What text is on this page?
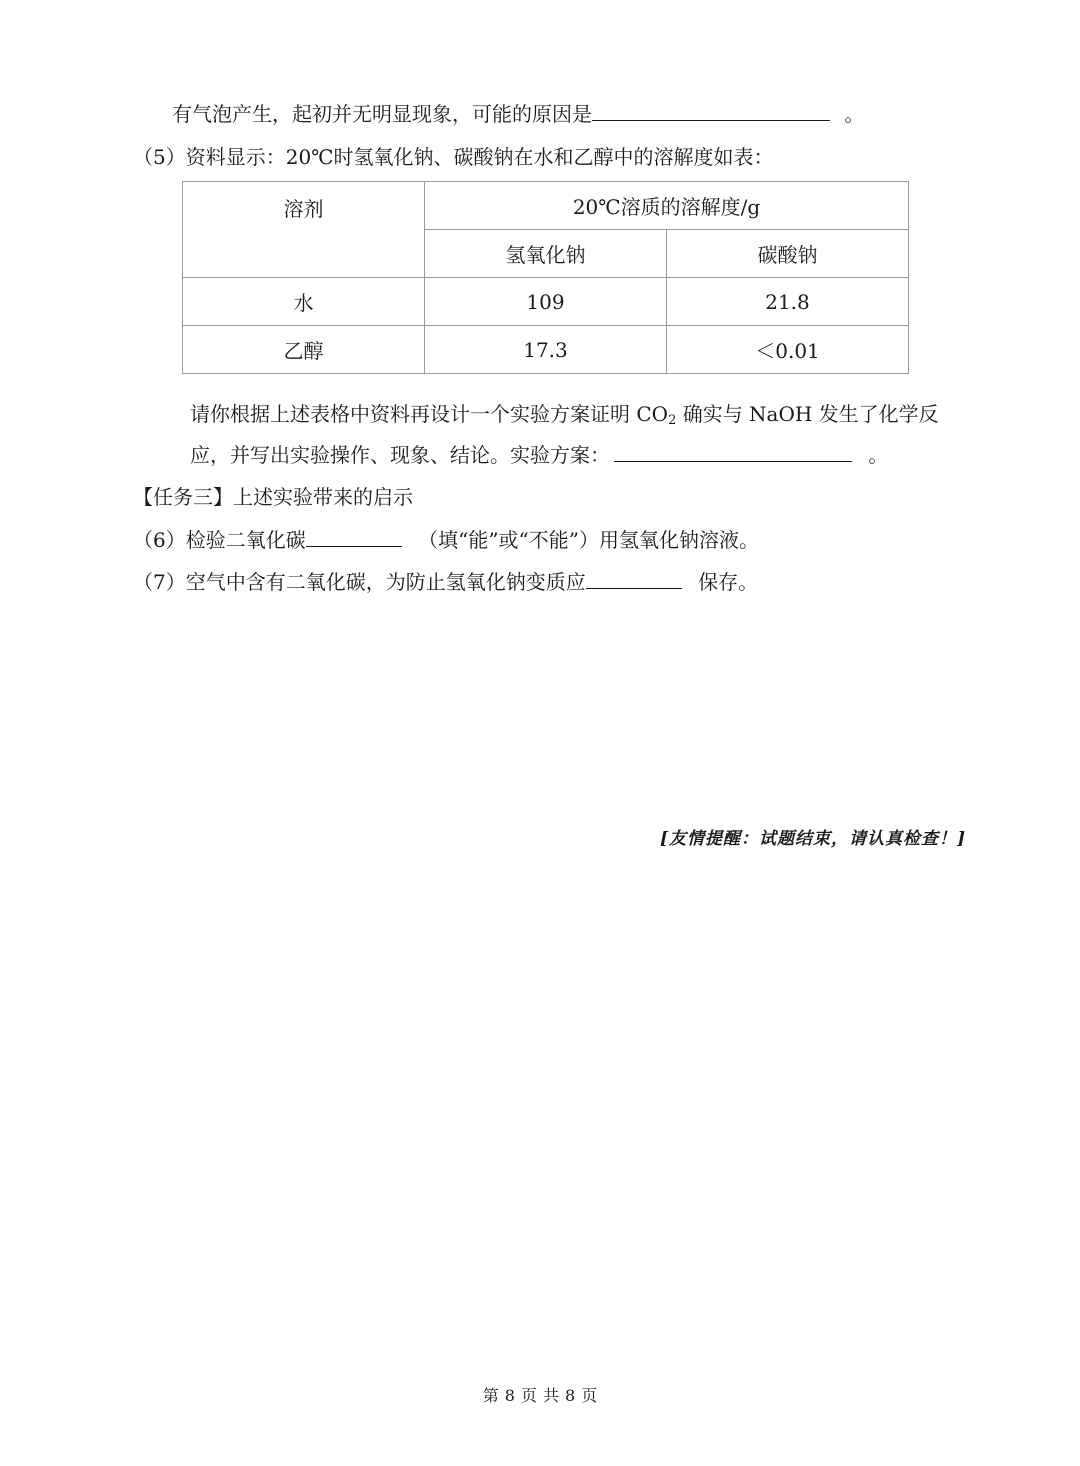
有气泡产生，起初并无明显现象，可能的原因是	。
（5）资料显示：20℃时氢氧化钠、碳酸钠在水和乙醇中的溶解度如表：
溶剂	20℃溶质的溶解度/g	
	氢氧化钠	碳酸钠
水	109	21.8
乙醇	17.3	＜0.01
请你根据上述表格中资料再设计一个实验方案证明 $CO_2$ 确实与 NaOH 发生了化学反
应，并写出实验操作、现象、结论。实验方案：	。
【任务三】上述实验带来的启示
（6）检验二氧化碳	（填“能”或“不能”）用氢氧化钠溶液。
（7）空气中含有二氧化碳，为防止氢氧化钠变质应	保存。
[友情提醒：试题结束，请认真检查！]
第 8 页 共 8 页
